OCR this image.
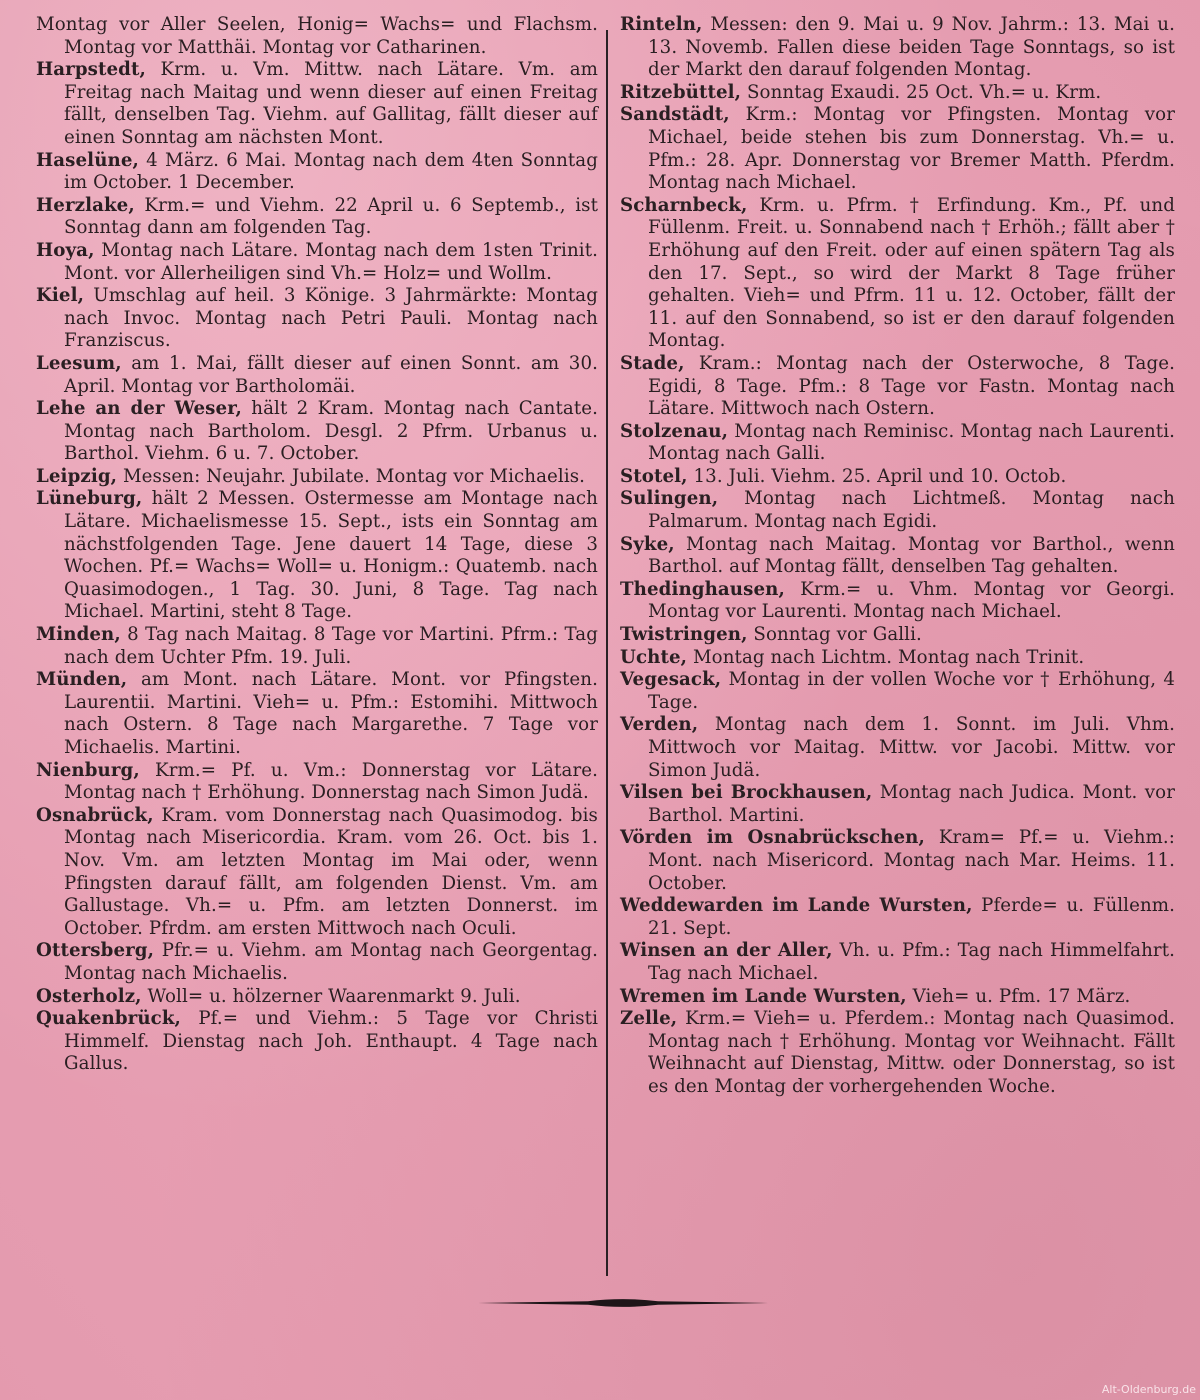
Montag vor Aller Seelen, Honig= Wachs= und Flachsm. Montag vor Matthäi. Montag vor Catharinen.

Harpstedt, Krm. u. Vm. Mittw. nach Lätare. Vm. am Freitag nach Maitag und wenn dieser auf einen Freitag fällt, denselben Tag. Viehm. auf Gallitag, fällt dieser auf einen Sonntag am nächsten Mont.

Haselüne, 4 März. 6 Mai. Montag nach dem 4ten Sonntag im October. 1 December.

Herzlake, Krm.= und Viehm. 22 April u. 6 Septemb., ist Sonntag dann am folgenden Tag.

Hoya, Montag nach Lätare. Montag nach dem 1sten Trinit. Mont. vor Allerheiligen sind Vh.= Holz= und Wollm.

Kiel, Umschlag auf heil. 3 Könige. 3 Jahrmärkte: Montag nach Invoc. Montag nach Petri Pauli. Montag nach Franziscus.

Leesum, am 1. Mai, fällt dieser auf einen Sonnt. am 30. April. Montag vor Bartholomäi.

Lehe an der Weser, hält 2 Kram. Montag nach Cantate. Montag nach Bartholom. Desgl. 2 Pfrm. Urbanus u. Barthol. Viehm. 6 u. 7. October.

Leipzig, Messen: Neujahr. Jubilate. Montag vor Michaelis.

Lüneburg, hält 2 Messen. Ostermesse am Montage nach Lätare. Michaelismesse 15. Sept., ists ein Sonntag am nächstfolgenden Tage. Jene dauert 14 Tage, diese 3 Wochen. Pf.= Wachs= Woll= u. Honigm.: Quatemb. nach Quasimodogen., 1 Tag. 30. Juni, 8 Tage. Tag nach Michael. Martini, steht 8 Tage.

Minden, 8 Tag nach Maitag. 8 Tage vor Martini. Pfrm.: Tag nach dem Uchter Pfm. 19. Juli.

Münden, am Mont. nach Lätare. Mont. vor Pfingsten. Laurentii. Martini. Vieh= u. Pfm.: Estomihi. Mittwoch nach Ostern. 8 Tage nach Margarethe. 7 Tage vor Michaelis. Martini.

Nienburg, Krm.= Pf. u. Vm.: Donnerstag vor Lätare. Montag nach † Erhöhung. Donnerstag nach Simon Judä.

Osnabrück, Kram. vom Donnerstag nach Quasimodog. bis Montag nach Misericordia. Kram. vom 26. Oct. bis 1. Nov. Vm. am letzten Montag im Mai oder, wenn Pfingsten darauf fällt, am folgenden Dienst. Vm. am Gallustage. Vh.= u. Pfm. am letzten Donnerst. im October. Pfrdm. am ersten Mittwoch nach Oculi.

Ottersberg, Pfr.= u. Viehm. am Montag nach Georgentag. Montag nach Michaelis.

Osterholz, Woll= u. hölzerner Waarenmarkt 9. Juli.

Quakenbrück, Pf.= und Viehm.: 5 Tage vor Christi Himmelf. Dienstag nach Joh. Enthaupt. 4 Tage nach Gallus.

Rinteln, Messen: den 9. Mai u. 9 Nov. Jahrm.: 13. Mai u. 13. Novemb. Fallen diese beiden Tage Sonntags, so ist der Markt den darauf folgenden Montag.

Ritzebüttel, Sonntag Exaudi. 25 Oct. Vh.= u. Krm.

Sandstädt, Krm.: Montag vor Pfingsten. Montag vor Michael, beide stehen bis zum Donnerstag. Vh.= u. Pfm.: 28. Apr. Donnerstag vor Bremer Matth. Pferdm. Montag nach Michael.

Scharnbeck, Krm. u. Pfrm. † Erfindung. Km., Pf. und Füllenm. Freit. u. Sonnabend nach † Erhöh.; fällt aber † Erhöhung auf den Freit. oder auf einen spätern Tag als den 17. Sept., so wird der Markt 8 Tage früher gehalten. Vieh= und Pfrm. 11 u. 12. October, fällt der 11. auf den Sonnabend, so ist er den darauf folgenden Montag.

Stade, Kram.: Montag nach der Osterwoche, 8 Tage. Egidi, 8 Tage. Pfm.: 8 Tage vor Fastn. Montag nach Lätare. Mittwoch nach Ostern.

Stolzenau, Montag nach Reminisc. Montag nach Laurenti. Montag nach Galli.

Stotel, 13. Juli. Viehm. 25. April und 10. Octob.

Sulingen, Montag nach Lichtmeß. Montag nach Palmarum. Montag nach Egidi.

Syke, Montag nach Maitag. Montag vor Barthol., wenn Barthol. auf Montag fällt, denselben Tag gehalten.

Thedinghausen, Krm.= u. Vhm. Montag vor Georgi. Montag vor Laurenti. Montag nach Michael.

Twistringen, Sonntag vor Galli.

Uchte, Montag nach Lichtm. Montag nach Trinit.

Vegesack, Montag in der vollen Woche vor † Erhöhung, 4 Tage.

Verden, Montag nach dem 1. Sonnt. im Juli. Vhm. Mittwoch vor Maitag. Mittw. vor Jacobi. Mittw. vor Simon Judä.

Vilsen bei Brockhausen, Montag nach Judica. Mont. vor Barthol. Martini.

Vörden im Osnabrückschen, Kram= Pf.= u. Viehm.: Mont. nach Misericord. Montag nach Mar. Heims. 11. October.

Weddewarden im Lande Wursten, Pferde= u. Füllenm. 21. Sept.

Winsen an der Aller, Vh. u. Pfm.: Tag nach Himmelfahrt. Tag nach Michael.

Wremen im Lande Wursten, Vieh= u. Pfm. 17 März.

Zelle, Krm.= Vieh= u. Pferdem.: Montag nach Quasimod. Montag nach † Erhöhung. Montag vor Weihnacht. Fällt Weihnacht auf Dienstag, Mittw. oder Donnerstag, so ist es den Montag der vorhergehenden Woche.

Alt-Oldenburg.de
